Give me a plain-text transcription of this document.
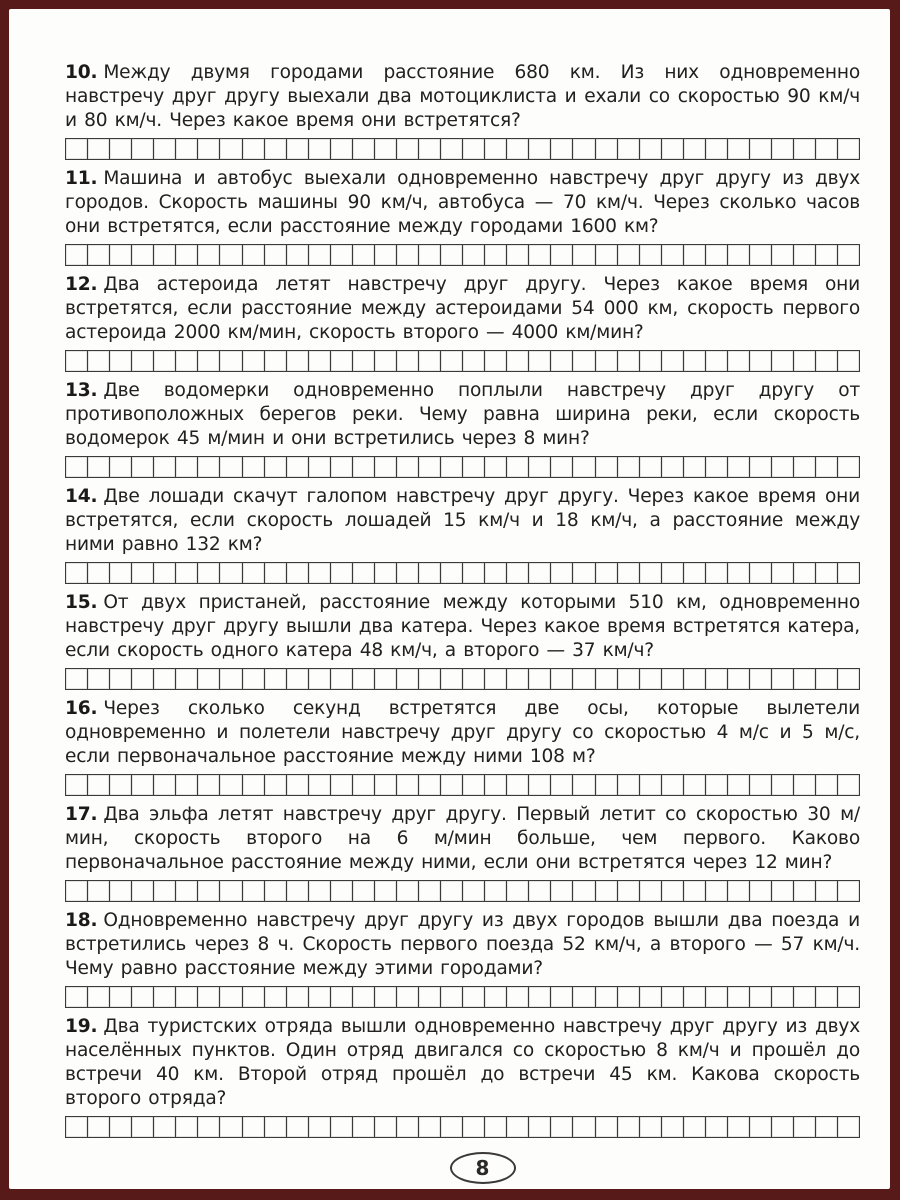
10. Между двумя городами расстояние 680 км. Из них одновременно навстречу друг другу выехали два мотоциклиста и ехали со скоростью 90 км/ч и 80 км/ч. Через какое время они встретятся?

11. Машина и автобус выехали одновременно навстречу друг другу из двух городов. Скорость машины 90 км/ч, автобуса — 70 км/ч. Через сколько часов они встретятся, если расстояние между городами 1600 км?

12. Два астероида летят навстречу друг другу. Через какое время они встретятся, если расстояние между астероидами 54 000 км, скорость первого астероида 2000 км/мин, скорость второго — 4000 км/мин?

13. Две водомерки одновременно поплыли навстречу друг другу от противоположных берегов реки. Чему равна ширина реки, если скорость водомерок 45 м/мин и они встретились через 8 мин?

14. Две лошади скачут галопом навстречу друг другу. Через какое время они встретятся, если скорость лошадей 15 км/ч и 18 км/ч, а расстояние между ними равно 132 км?

15. От двух пристаней, расстояние между которыми 510 км, одновременно навстречу друг другу вышли два катера. Через какое время встретятся катера, если скорость одного катера 48 км/ч, а второго — 37 км/ч?

16. Через сколько секунд встретятся две осы, которые вылетели одновременно и полетели навстречу друг другу со скоростью 4 м/с и 5 м/с, если первоначальное расстояние между ними 108 м?

17. Два эльфа летят навстречу друг другу. Первый летит со скоростью 30 м/мин, скорость второго на 6 м/мин больше, чем первого. Каково первоначальное расстояние между ними, если они встретятся через 12 мин?

18. Одновременно навстречу друг другу из двух городов вышли два поезда и встретились через 8 ч. Скорость первого поезда 52 км/ч, а второго — 57 км/ч. Чему равно расстояние между этими городами?

19. Два туристских отряда вышли одновременно навстречу друг другу из двух населённых пунктов. Один отряд двигался со скоростью 8 км/ч и прошёл до встречи 40 км. Второй отряд прошёл до встречи 45 км. Какова скорость второго отряда?

8
